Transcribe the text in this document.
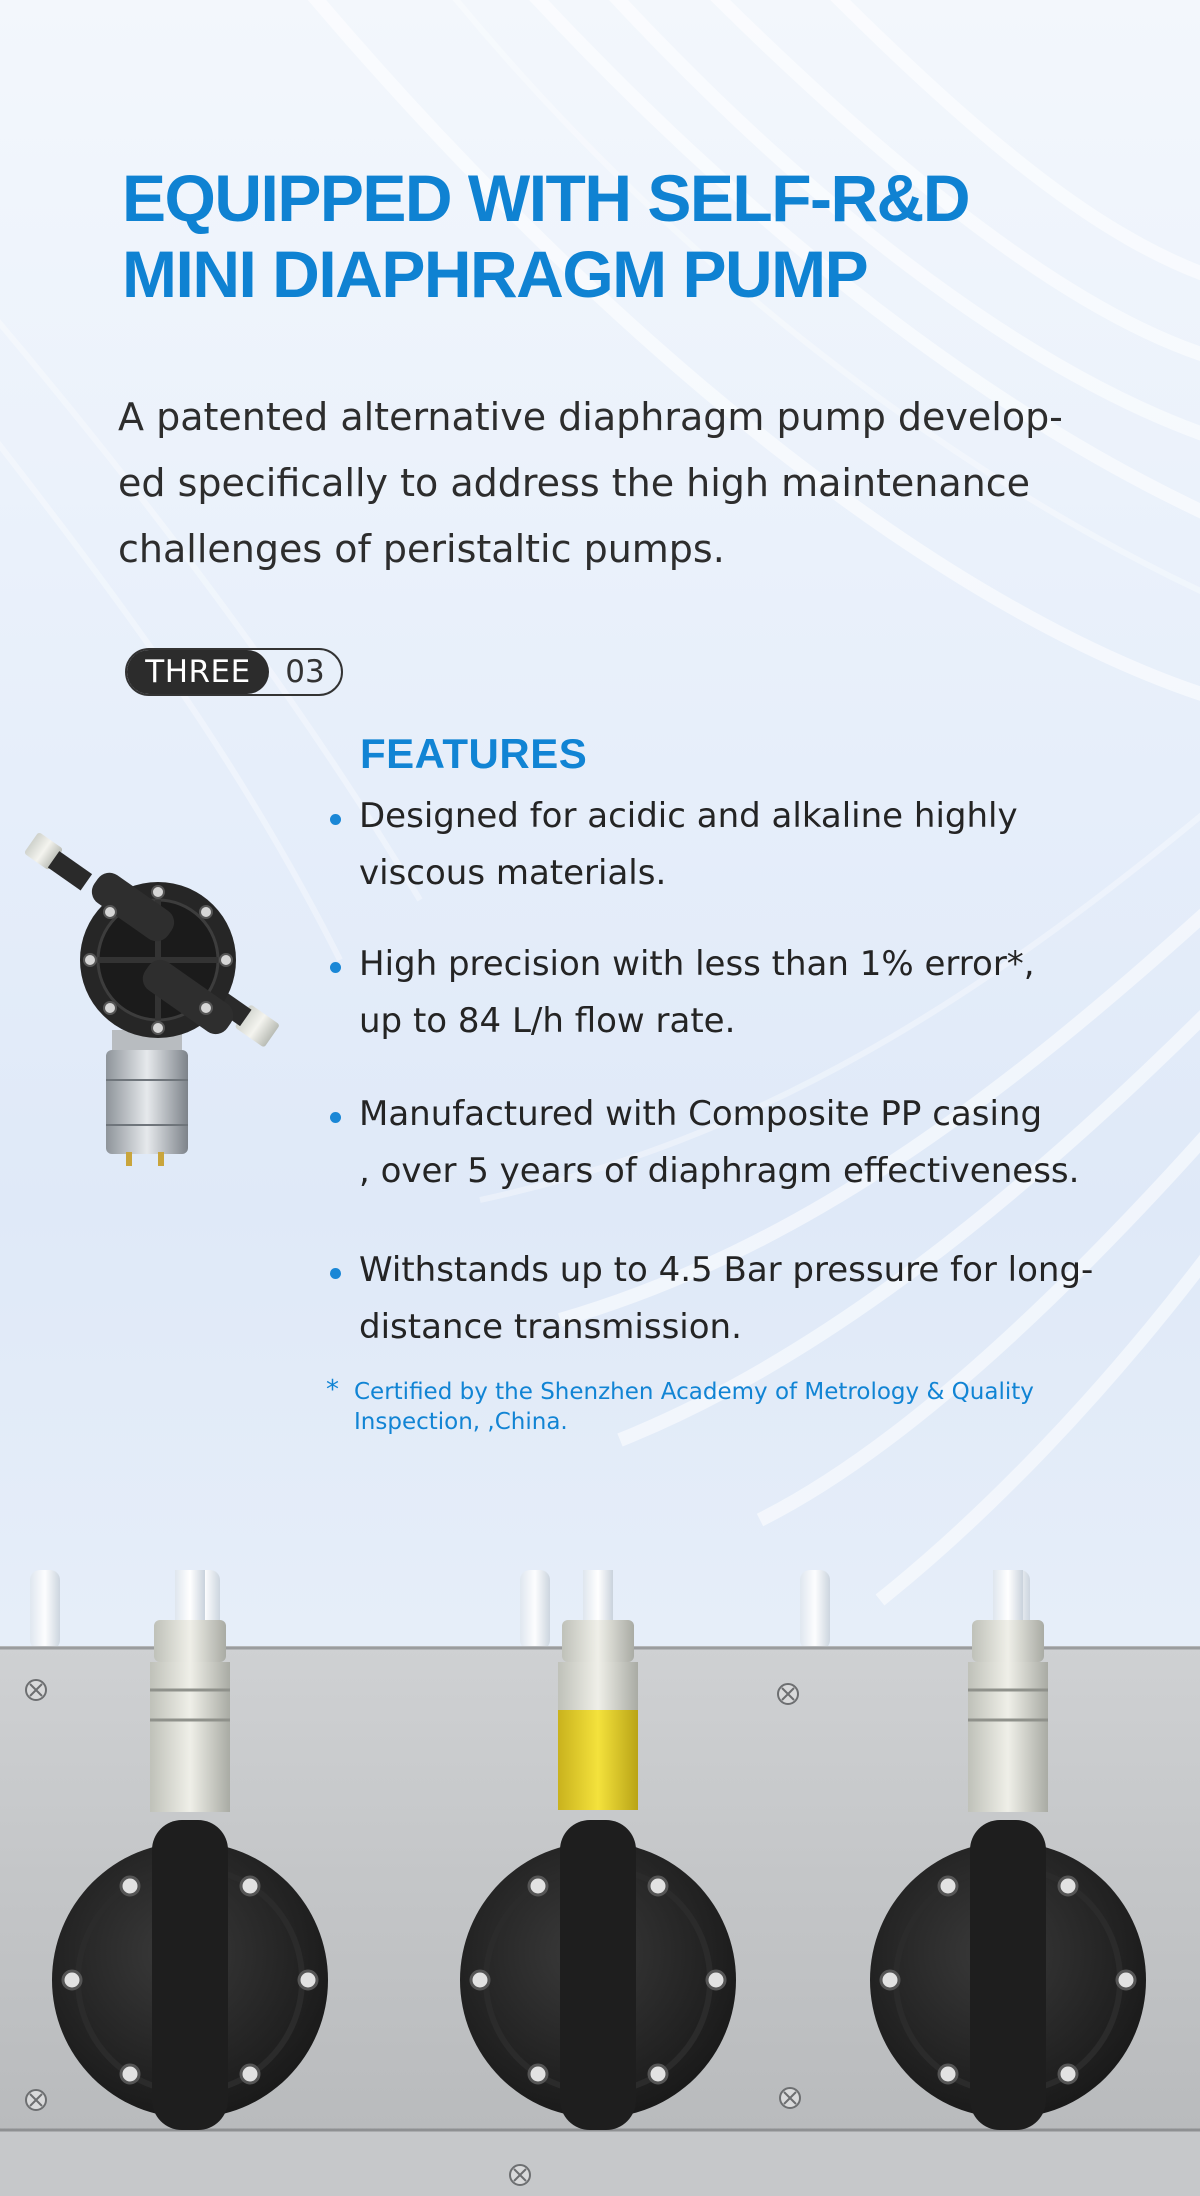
EQUIPPED WITH SELF-R&D
MINI DIAPHRAGM PUMP

A patented alternative diaphragm pump develop-
ed specifically to address the high maintenance
challenges of peristaltic pumps.

THREE	03
FEATURES
Designed for acidic and alkaline highly
viscous materials.
High precision with less than 1% error*,
up to 84 L/h flow rate.
Manufactured with Composite PP casing
, over 5 years of diaphragm effectiveness.
Withstands up to 4.5 Bar pressure for long-
distance transmission.
* Certified by the Shenzhen Academy of Metrology & Quality
Inspection, ,China.
